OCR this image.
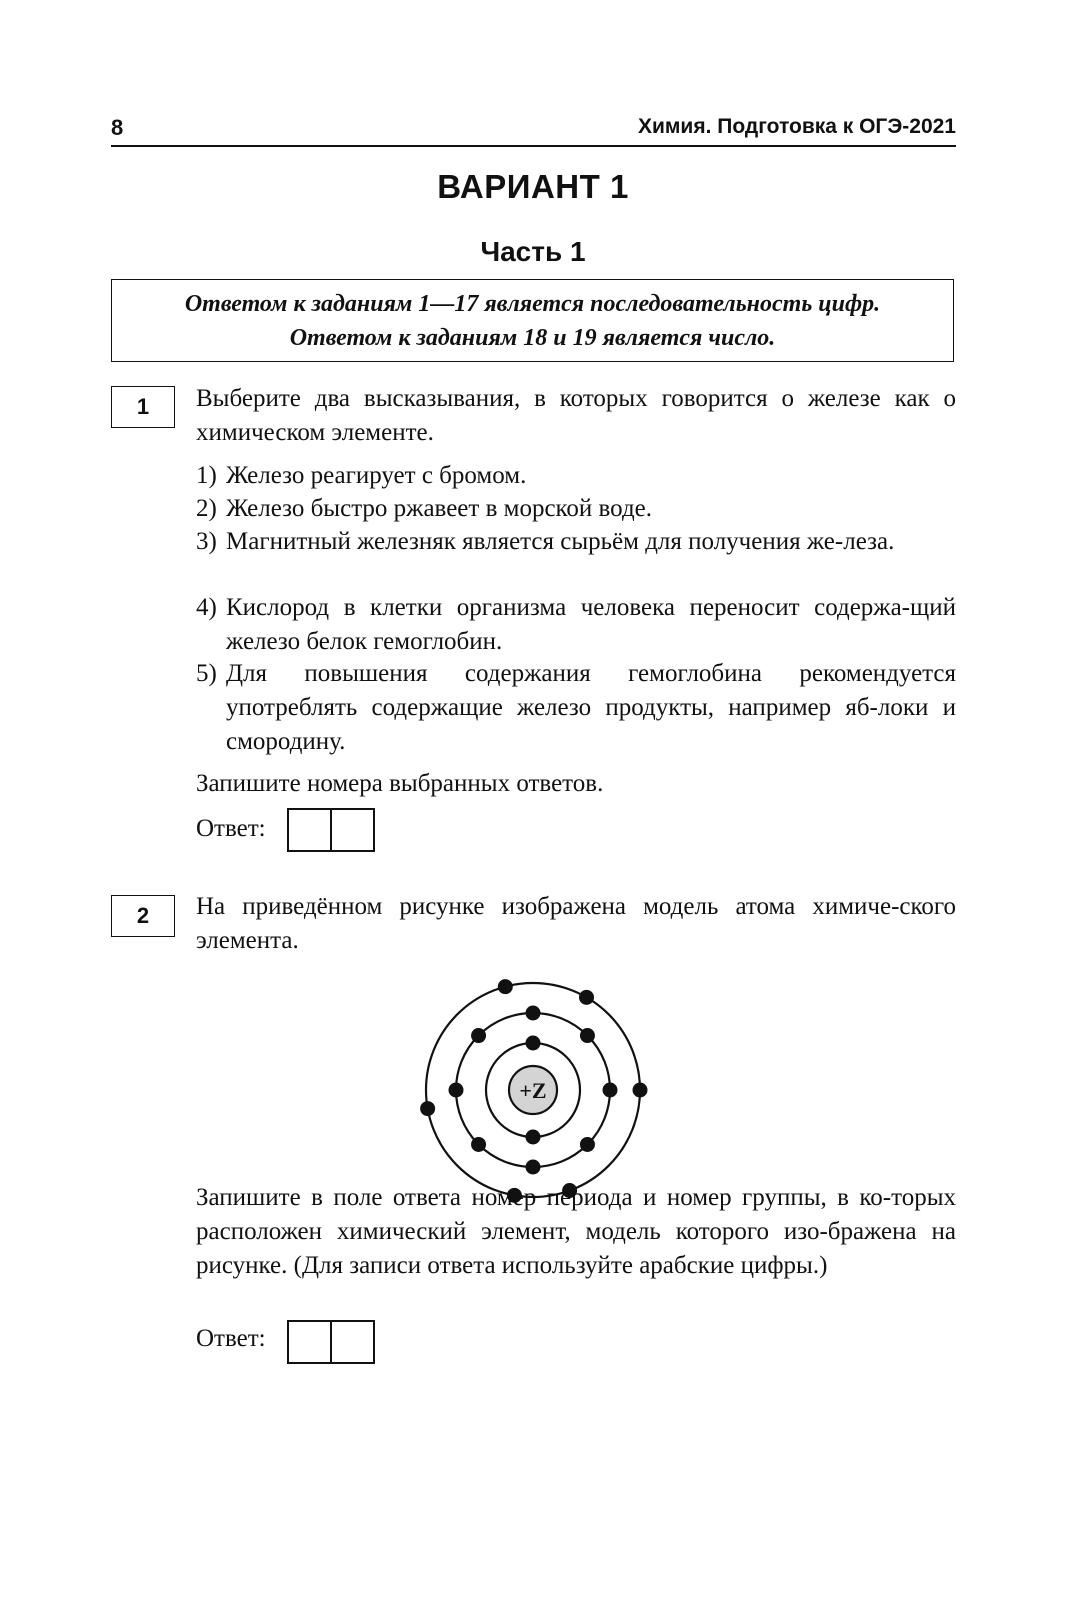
8	Химия. Подготовка к ОГЭ-2021
ВАРИАНТ 1
Часть 1
Ответом к заданиям 1—17 является последовательность цифр.
Ответом к заданиям 18 и 19 является число.
1	Выберите два высказывания, в которых говорится о железе как о химическом элементе.
1) Железо реагирует с бромом.
2) Железо быстро ржавеет в морской воде.
3) Магнитный железняк является сырьём для получения же-леза.
4) Кислород в клетки организма человека переносит содержа-щий железо белок гемоглобин.
5) Для повышения содержания гемоглобина рекомендуется употреблять содержащие железо продукты, например яб-локи и смородину.
Запишите номера выбранных ответов.
Ответ:
2	На приведённом рисунке изображена модель атома химиче-ского элемента.
+Z
Запишите в поле ответа номер периода и номер группы, в ко-торых расположен химический элемент, модель которого изо-бражена на рисунке. (Для записи ответа используйте арабские цифры.)
Ответ:
